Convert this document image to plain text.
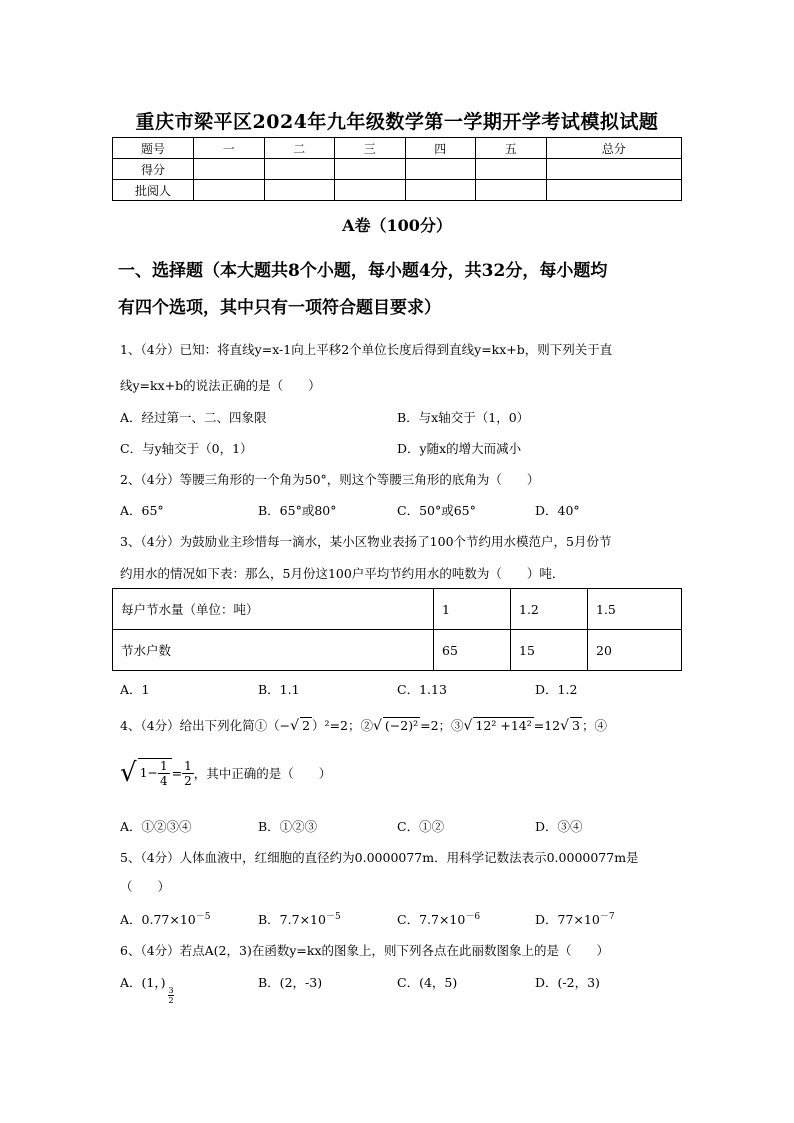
重庆市梁平区2024年九年级数学第一学期开学考试模拟试题
题号	一	二	三	四	五	总分
得分						
批阅人						
A卷（100分）
一、选择题（本大题共8个小题，每小题4分，共32分，每小题均
有四个选项，其中只有一项符合题目要求）
1、（4分）已知：将直线y=x-1向上平移2个单位长度后得到直线y=kx+b，则下列关于直
线y=kx+b的说法正确的是（　　）
A．经过第一、二、四象限	B．与x轴交于（1，0）
C．与y轴交于（0，1）	D．y随x的增大而减小
2、（4分）等腰三角形的一个角为50°，则这个等腰三角形的底角为（　　）
A．65°	B．65°或80°	C．50°或65°	D．40°
3、（4分）为鼓励业主珍惜每一滴水，某小区物业表扬了100个节约用水模范户，5月份节
约用水的情况如下表：那么，5月份这100户平均节约用水的吨数为（　　）吨．
每户节水量（单位：吨）	1	1.2	1.5
节水户数	65	15	20
A．1	B．1.1	C．1.13	D．1.2
4、（4分）给出下列化简①（−√ 2 ）²=2；②√ (−2)² =2；③√ 12² +14² =12√ 3 ；④
√ $1- \frac{1}{4} = \frac{1}{2}$ ，其中正确的是（　　）
A．①②③④	B．①②③	C．①②	D．③④
5、（4分）人体血液中，红细胞的直径约为0.0000077m．用科学记数法表示0.0000077m是
（　　）
A．$0.77\times 10^{-5}$	B．$7.7\times 10^{-5}$	C．$7.7\times 10^{-6}$	D．$77\times 10^{-7}$
6、（4分）若点A(2，3)在函数y=kx的图象上，则下列各点在此丽数图象上的是（　　）
A．(1，)
3
2
B．(2，-3)	C．(4，5)	D．(-2，3)
